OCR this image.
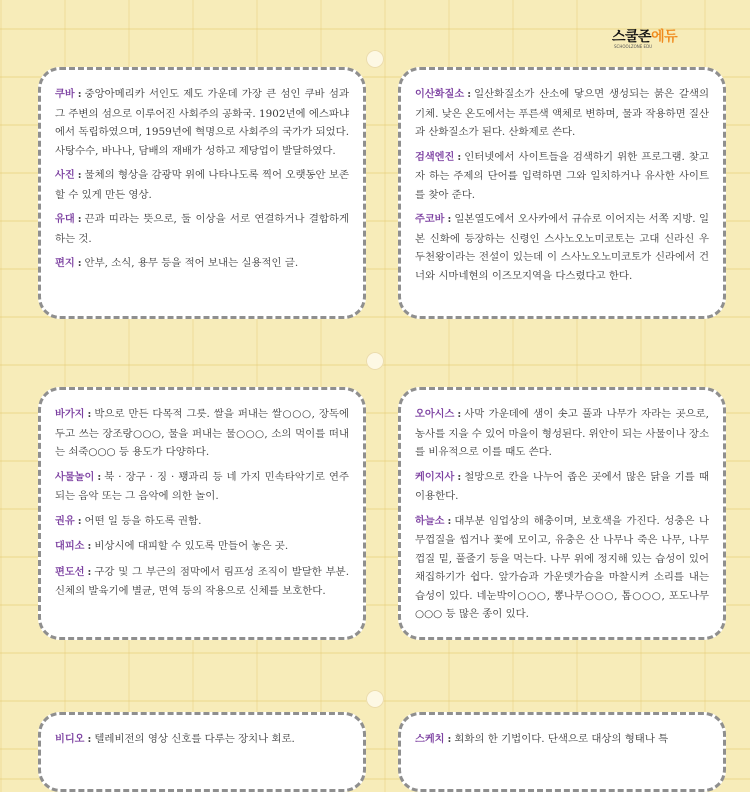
스쿨존에듀
SCHOOLZONE EDU

쿠바 : 중앙아메리카 서인도 제도 가운데 가장 큰 섬인 쿠바 섬과 그 주변의 섬으로 이루어진 사회주의 공화국. 1902년에 에스파냐에서 독립하였으며, 1959년에 혁명으로 사회주의 국가가 되었다. 사탕수수, 바나나, 담배의 재배가 성하고 제당업이 발달하였다.

사진 : 물체의 형상을 감광막 위에 나타나도록 찍어 오랫동안 보존할 수 있게 만든 영상.

유대 : 끈과 띠라는 뜻으로, 둘 이상을 서로 연결하거나 결합하게 하는 것.

편지 : 안부, 소식, 용무 등을 적어 보내는 실용적인 글.

이산화질소 : 일산화질소가 산소에 닿으면 생성되는 붉은 갈색의 기체. 낮은 온도에서는 푸른색 액체로 변하며, 물과 작용하면 질산과 산화질소가 된다. 산화제로 쓴다.

검색엔진 : 인터넷에서 사이트들을 검색하기 위한 프로그램. 찾고자 하는 주제의 단어를 입력하면 그와 일치하거나 유사한 사이트를 찾아 준다.

주코바 : 일본열도에서 오사카에서 규슈로 이어지는 서쪽 지방. 일본 신화에 등장하는 신령인 스사노오노미코토는 고대 신라신 우두천왕이라는 전설이 있는데 이 스사노오노미코토가 신라에서 건너와 시마네현의 이즈모지역을 다스렸다고 한다.

바가지 : 박으로 만든 다목적 그릇. 쌀을 퍼내는 쌀○○○, 장독에 두고 쓰는 장조랑○○○, 물을 퍼내는 물○○○, 소의 먹이를 떠내는 쇠죽○○○ 등 용도가 다양하다.

사물놀이 : 북 · 장구 · 징 · 꽹과리 등 네 가지 민속타악기로 연주되는 음악 또는 그 음악에 의한 놀이.

권유 : 어떤 일 등을 하도록 권함.

대피소 : 비상시에 대피할 수 있도록 만들어 놓은 곳.

편도선 : 구강 및 그 부근의 점막에서 림프성 조직이 발달한 부분. 신체의 발육기에 별균, 면역 등의 작용으로 신체를 보호한다.

오아시스 : 사막 가운데에 샘이 솟고 풀과 나무가 자라는 곳으로, 농사를 지을 수 있어 마을이 형성된다. 위안이 되는 사물이나 장소를 비유적으로 이를 때도 쓴다.

케이지사 : 철망으로 칸을 나누어 좁은 곳에서 많은 닭을 기를 때 이용한다.

하늘소 : 대부분 임업상의 해충이며, 보호색을 가진다. 성충은 나무껍질을 씹거나 꽃에 모이고, 유충은 산 나무나 죽은 나무, 나무껍질 밑, 풀줄기 등을 먹는다. 나무 위에 정지해 있는 습성이 있어 채집하기가 쉽다. 앞가슴과 가운뎃가슴을 마찰시켜 소리를 내는 습성이 있다. 네눈박이○○○, 뽕나무○○○, 톱○○○, 포도나무○○○ 등 많은 종이 있다.

비디오 : 텔레비전의 영상 신호를 다루는 장치나 회로.	스케치 : 회화의 한 기법이다. 단색으로 대상의 형태나 특
